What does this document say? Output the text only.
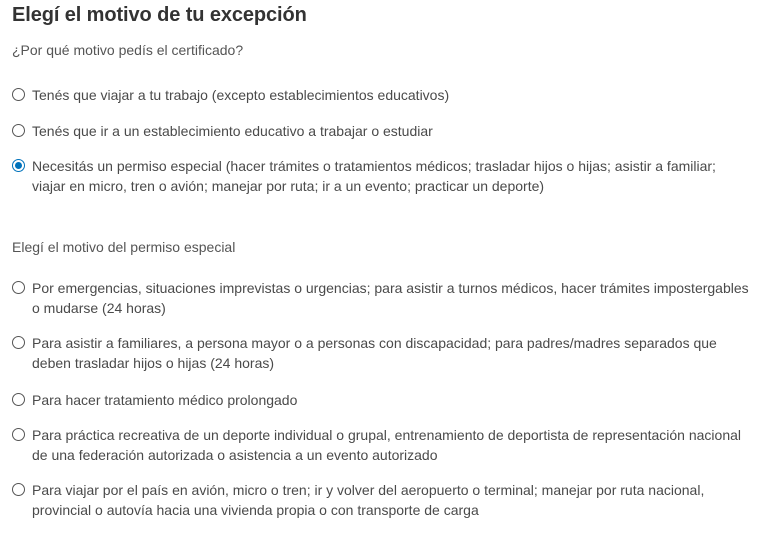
Elegí el motivo de tu excepción

¿Por qué motivo pedís el certificado?

Tenés que viajar a tu trabajo (excepto establecimientos educativos)
Tenés que ir a un establecimiento educativo a trabajar o estudiar
Necesitás un permiso especial (hacer trámites o tratamientos médicos; trasladar hijos o hijas; asistir a familiar; viajar en micro, tren o avión; manejar por ruta; ir a un evento; practicar un deporte)

Elegí el motivo del permiso especial

Por emergencias, situaciones imprevistas o urgencias; para asistir a turnos médicos, hacer trámites impostergables o mudarse (24 horas)
Para asistir a familiares, a persona mayor o a personas con discapacidad; para padres/madres separados que deben trasladar hijos o hijas (24 horas)
Para hacer tratamiento médico prolongado
Para práctica recreativa de un deporte individual o grupal, entrenamiento de deportista de representación nacional de una federación autorizada o asistencia a un evento autorizado
Para viajar por el país en avión, micro o tren; ir y volver del aeropuerto o terminal; manejar por ruta nacional, provincial o autovía hacia una vivienda propia o con transporte de carga
